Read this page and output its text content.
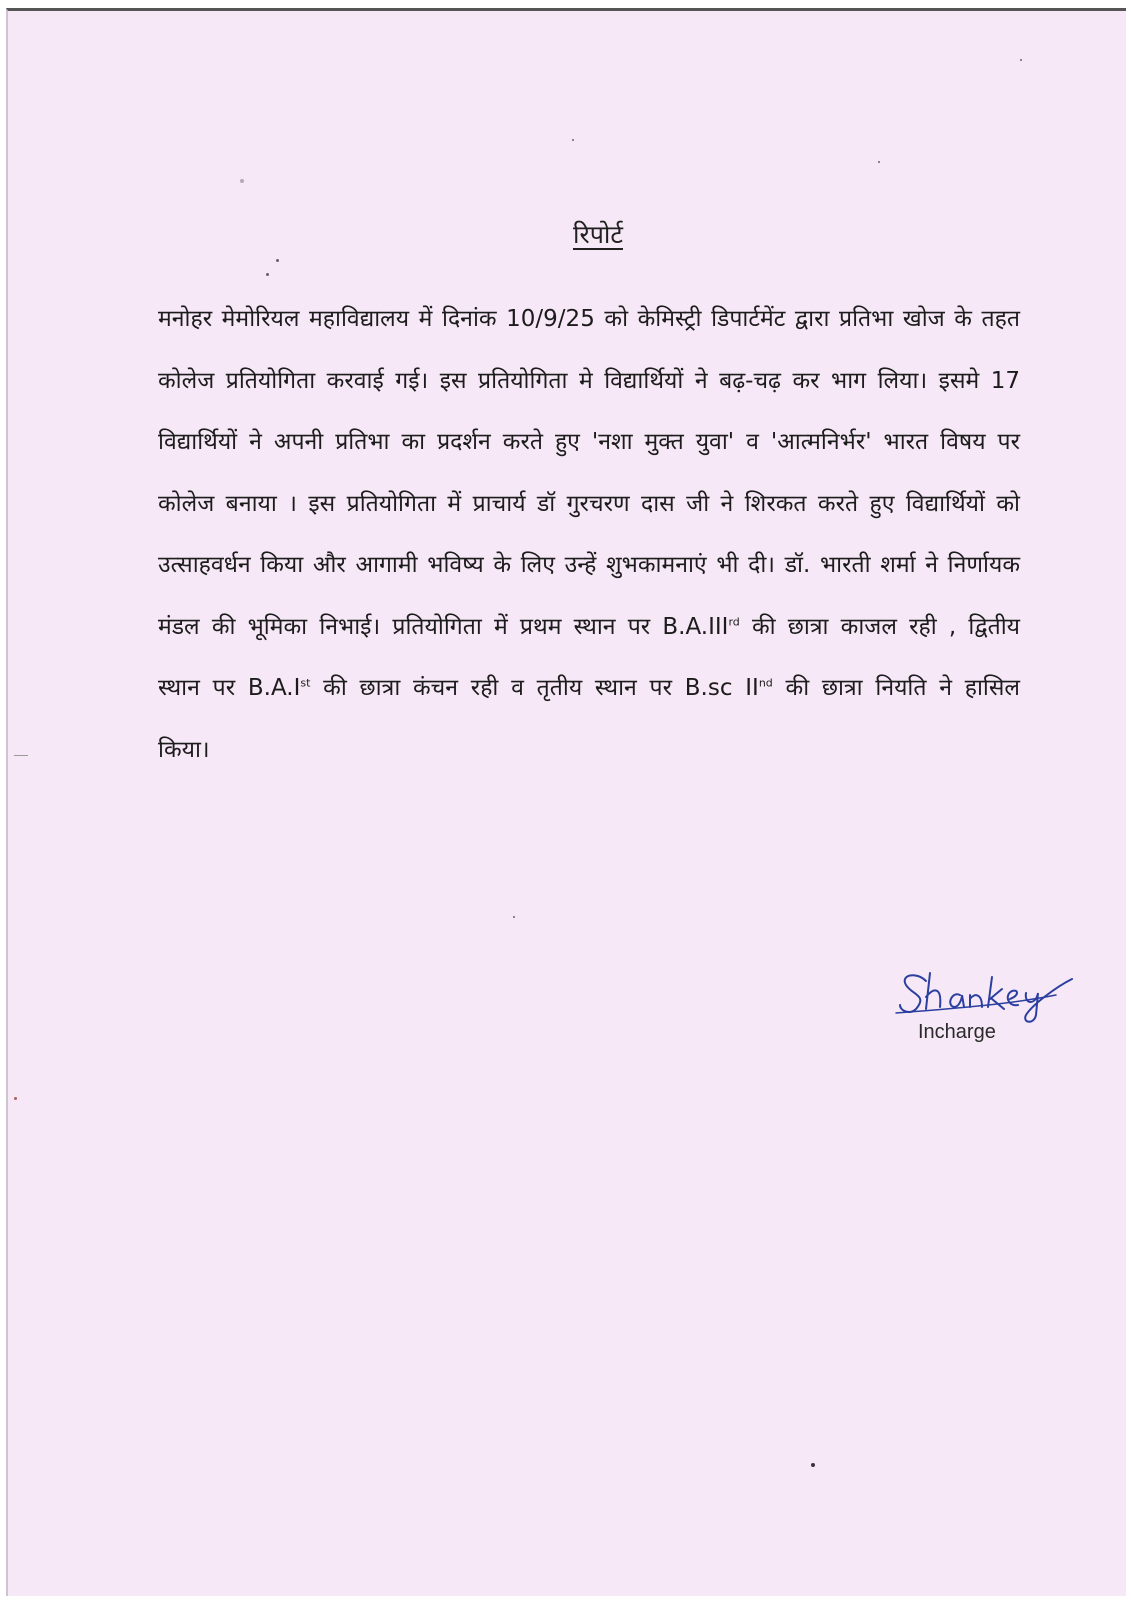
रिपोर्ट

मनोहर मेमोरियल महाविद्यालय में दिनांक 10/9/25 को केमिस्ट्री डिपार्टमेंट द्वारा प्रतिभा खोज के तहत कोलेज प्रतियोगिता करवाई गई। इस प्रतियोगिता मे विद्यार्थियों ने बढ़-चढ़ कर भाग लिया। इसमे 17 विद्यार्थियों ने अपनी प्रतिभा का प्रदर्शन करते हुए 'नशा मुक्त युवा' व 'आत्मनिर्भर' भारत विषय पर कोलेज बनाया । इस प्रतियोगिता में प्राचार्य डॉ गुरचरण दास जी ने शिरकत करते हुए विद्यार्थियों को उत्साहवर्धन किया और आगामी भविष्य के लिए उन्हें शुभकामनाएं भी दी। डॉ. भारती शर्मा ने निर्णायक मंडल की भूमिका निभाई। प्रतियोगिता में प्रथम स्थान पर B.A.IIIrd की छात्रा काजल रही , द्वितीय स्थान पर B.A.Ist की छात्रा कंचन रही व तृतीय स्थान पर B.sc IInd की छात्रा नियति ने हासिल किया।

Incharge
